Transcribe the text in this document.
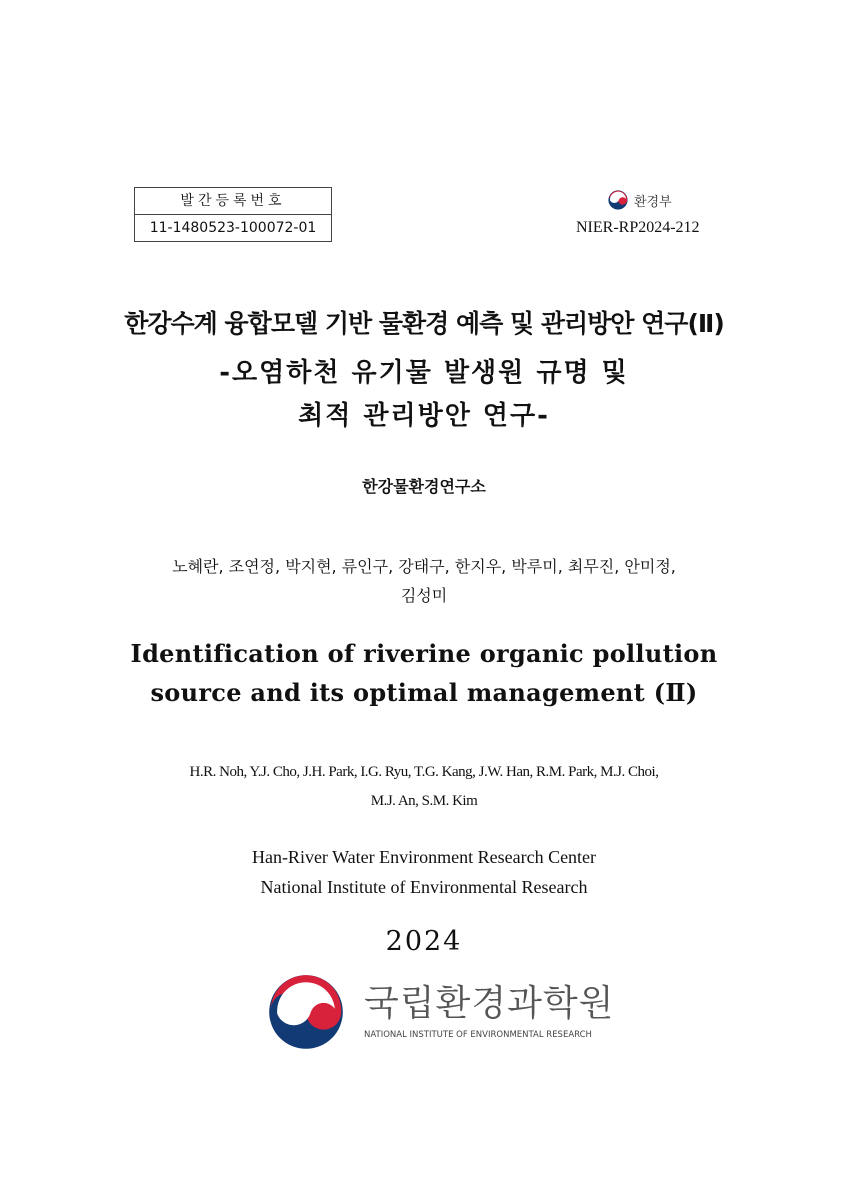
발간등록번호
11-1480523-100072-01
환경부
NIER-RP2024-212
한강수계 융합모델 기반 물환경 예측 및 관리방안 연구(Ⅱ)
-오염하천 유기물 발생원 규명 및
최적 관리방안 연구-
한강물환경연구소
노혜란, 조연정, 박지현, 류인구, 강태구, 한지우, 박루미, 최무진, 안미정,
김성미
Identification of riverine organic pollution
source and its optimal management (Ⅱ)
H.R. Noh, Y.J. Cho, J.H. Park, I.G. Ryu, T.G. Kang, J.W. Han, R.M. Park, M.J. Choi,
M.J. An, S.M. Kim
Han-River Water Environment Research Center
National Institute of Environmental Research
2024
국립환경과학원
NATIONAL INSTITUTE OF ENVIRONMENTAL RESEARCH
